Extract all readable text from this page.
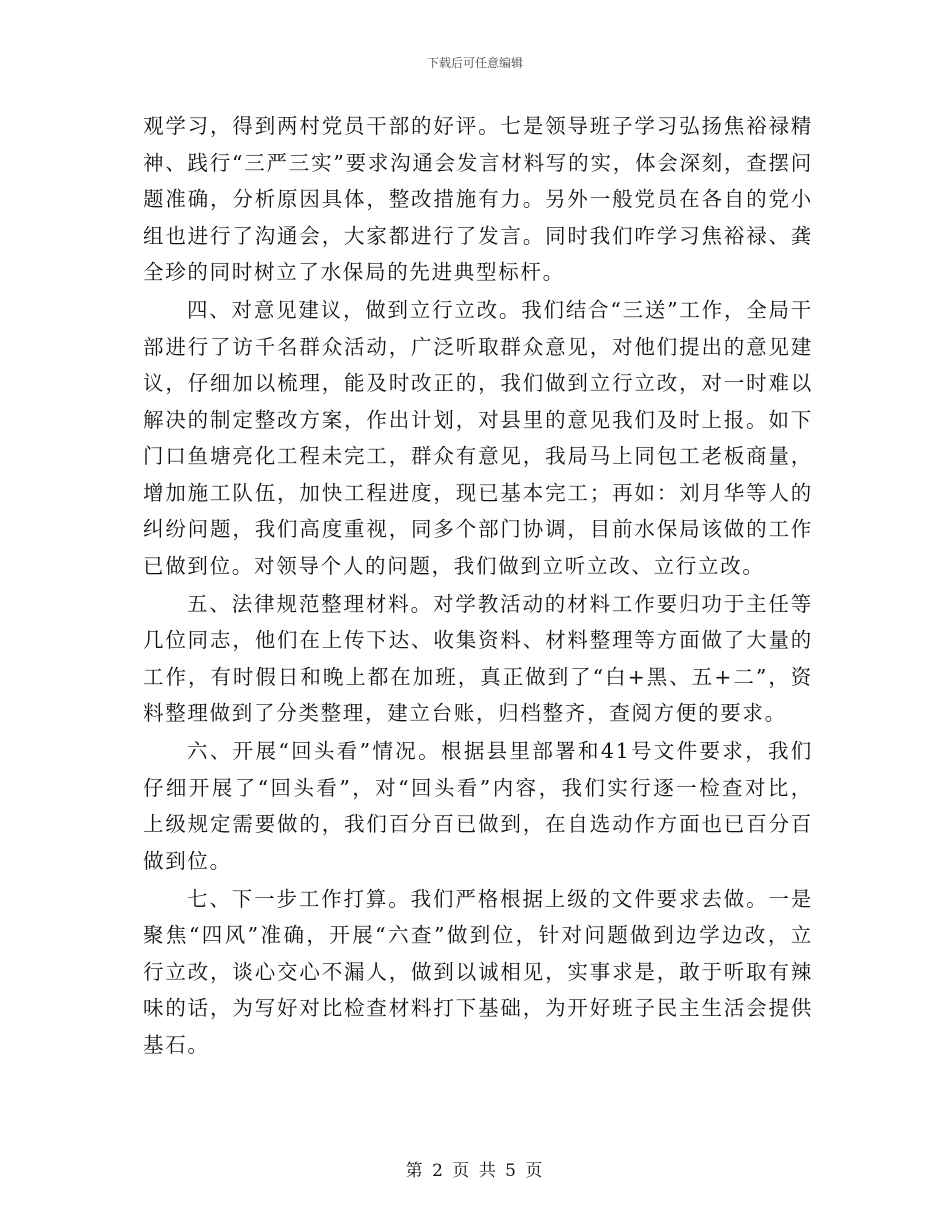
下载后可任意编辑

观学习，得到两村党员干部的好评。七是领导班子学习弘扬焦裕禄精神、践行“三严三实”要求沟通会发言材料写的实，体会深刻，查摆问题准确，分析原因具体，整改措施有力。另外一般党员在各自的党小组也进行了沟通会，大家都进行了发言。同时我们咋学习焦裕禄、龚全珍的同时树立了水保局的先进典型标杆。

四、对意见建议，做到立行立改。我们结合“三送”工作，全局干部进行了访千名群众活动，广泛听取群众意见，对他们提出的意见建议，仔细加以梳理，能及时改正的，我们做到立行立改，对一时难以解决的制定整改方案，作出计划，对县里的意见我们及时上报。如下门口鱼塘亮化工程未完工，群众有意见，我局马上同包工老板商量，增加施工队伍，加快工程进度，现已基本完工；再如：刘月华等人的纠纷问题，我们高度重视，同多个部门协调，目前水保局该做的工作已做到位。对领导个人的问题，我们做到立听立改、立行立改。

五、法律规范整理材料。对学教活动的材料工作要归功于主任等几位同志，他们在上传下达、收集资料、材料整理等方面做了大量的工作，有时假日和晚上都在加班，真正做到了“白+黑、五+二”，资料整理做到了分类整理，建立台账，归档整齐，查阅方便的要求。

六、开展“回头看”情况。根据县里部署和41号文件要求，我们仔细开展了“回头看”，对“回头看”内容，我们实行逐一检查对比，上级规定需要做的，我们百分百已做到，在自选动作方面也已百分百做到位。

七、下一步工作打算。我们严格根据上级的文件要求去做。一是聚焦“四风”准确，开展“六查”做到位，针对问题做到边学边改，立行立改，谈心交心不漏人，做到以诚相见，实事求是，敢于听取有辣味的话，为写好对比检查材料打下基础，为开好班子民主生活会提供基石。

第 2 页 共 5 页
